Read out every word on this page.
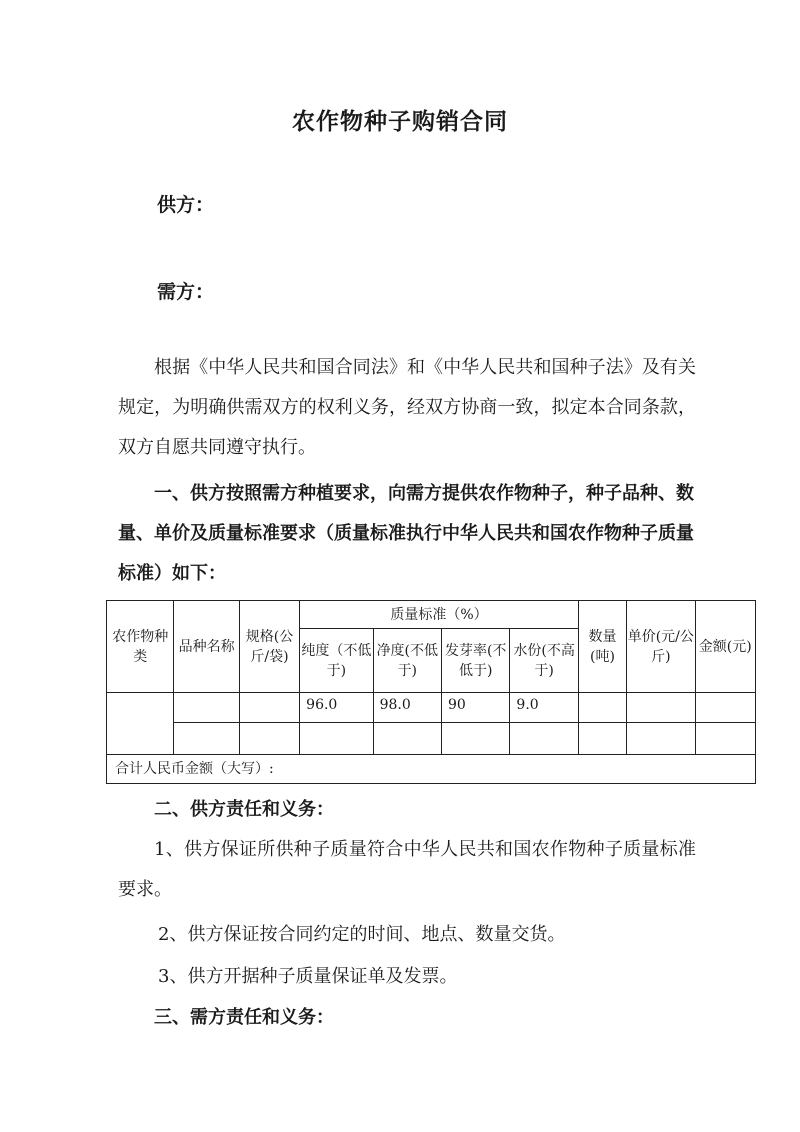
农作物种子购销合同
供方：
需方：
根据《中华人民共和国合同法》和《中华人民共和国种子法》及有关规定，为明确供需双方的权利义务，经双方协商一致，拟定本合同条款，双方自愿共同遵守执行。
一、供方按照需方种植要求，向需方提供农作物种子，种子品种、数量、单价及质量标准要求（质量标准执行中华人民共和国农作物种子质量标准）如下：
农作物种类	品种名称	规格(公斤/袋)	质量标准（%）				数量(吨)	单价(元/公斤)	金额(元)
			纯度（不低于)	净度(不低于)	发芽率(不低于)	水份(不高于)			
			96.0	98.0	90	9.0			

合计人民币金额（大写）:									
二、供方责任和义务：
1、供方保证所供种子质量符合中华人民共和国农作物种子质量标准要求。
2、供方保证按合同约定的时间、地点、数量交货。
3、供方开据种子质量保证单及发票。
三、需方责任和义务：
